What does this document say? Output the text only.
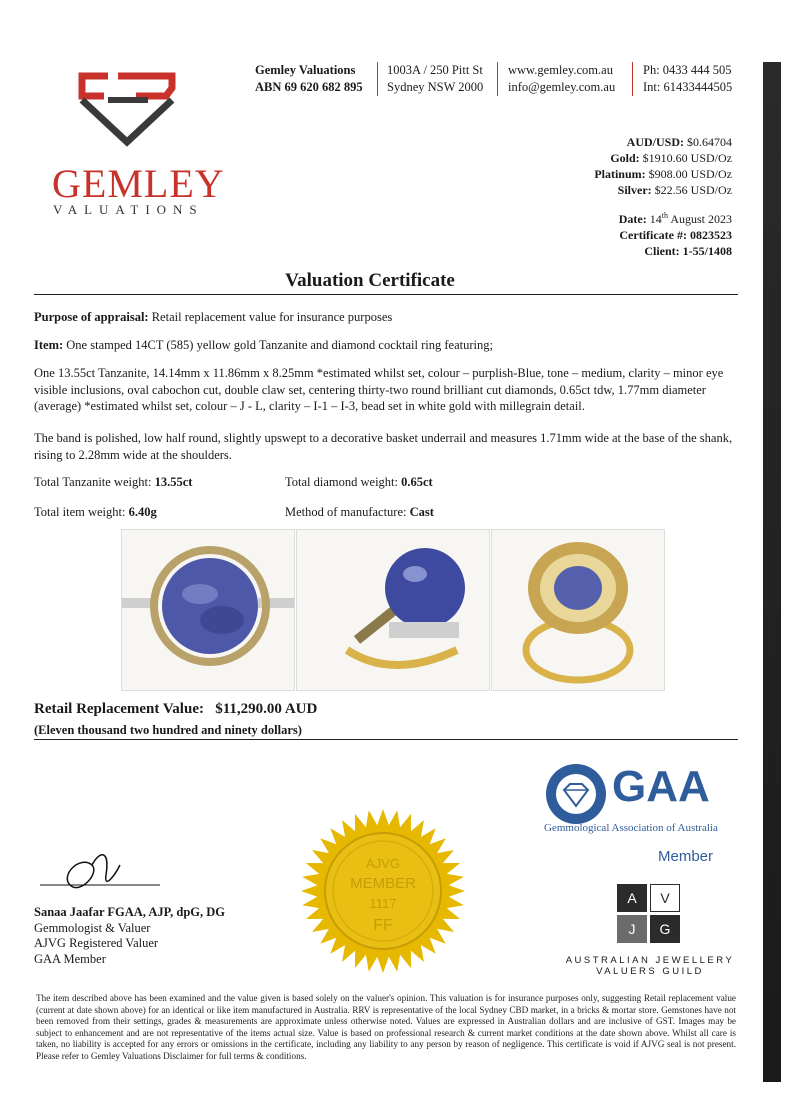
GEMLEY
VALUATIONS
Gemley Valuations
ABN 69 620 682 895
1003A / 250 Pitt St
Sydney NSW 2000
www.gemley.com.au
info@gemley.com.au
Ph: 0433 444 505
Int: 61433444505
AUD/USD: $0.64704
Gold: $1910.60 USD/Oz
Platinum: $908.00 USD/Oz
Silver: $22.56 USD/Oz
Date: 14th August 2023
Certificate #: 0823523
Client: 1-55/1408
Valuation Certificate
Purpose of appraisal: Retail replacement value for insurance purposes
Item: One stamped 14CT (585) yellow gold Tanzanite and diamond cocktail ring featuring;
One 13.55ct Tanzanite, 14.14mm x 11.86mm x 8.25mm *estimated whilst set, colour – purplish-Blue, tone – medium, clarity – minor eye visible inclusions, oval cabochon cut, double claw set, centering thirty-two round brilliant cut diamonds, 0.65ct tdw, 1.77mm diameter (average) *estimated whilst set, colour – J - L, clarity – I-1 – I-3, bead set in white gold with millegrain detail.
The band is polished, low half round, slightly upswept to a decorative basket underrail and measures 1.71mm wide at the base of the shank, rising to 2.28mm wide at the shoulders.
Total Tanzanite weight: 13.55ct	Total diamond weight: 0.65ct
Total item weight: 6.40g	Method of manufacture: Cast
Retail Replacement Value: $11,290.00 AUD
(Eleven thousand two hundred and ninety dollars)
Sanaa Jaafar FGAA, AJP, dpG, DG
Gemmologist & Valuer
AJVG Registered Valuer
GAA Member
AJVG
MEMBER
1117
FF
GAA
Gemmological Association of Australia
Member
A	V
J	G
AUSTRALIAN JEWELLERY
VALUERS GUILD
The item described above has been examined and the value given is based solely on the valuer's opinion. This valuation is for insurance purposes only, suggesting Retail replacement value (current at date shown above) for an identical or like item manufactured in Australia. RRV is representative of the local Sydney CBD market, in a bricks & mortar store. Gemstones have not been removed from their settings, grades & measurements are approximate unless otherwise noted. Values are expressed in Australian dollars and are inclusive of GST. Images may be subject to enhancement and are not representative of the items actual size. Value is based on professional research & current market conditions at the date shown above. Whilst all care is taken, no liability is accepted for any errors or omissions in the certificate, including any liability to any person by reason of negligence. This certificate is void if AJVG seal is not present. Please refer to Gemley Valuations Disclaimer for full terms & conditions.
